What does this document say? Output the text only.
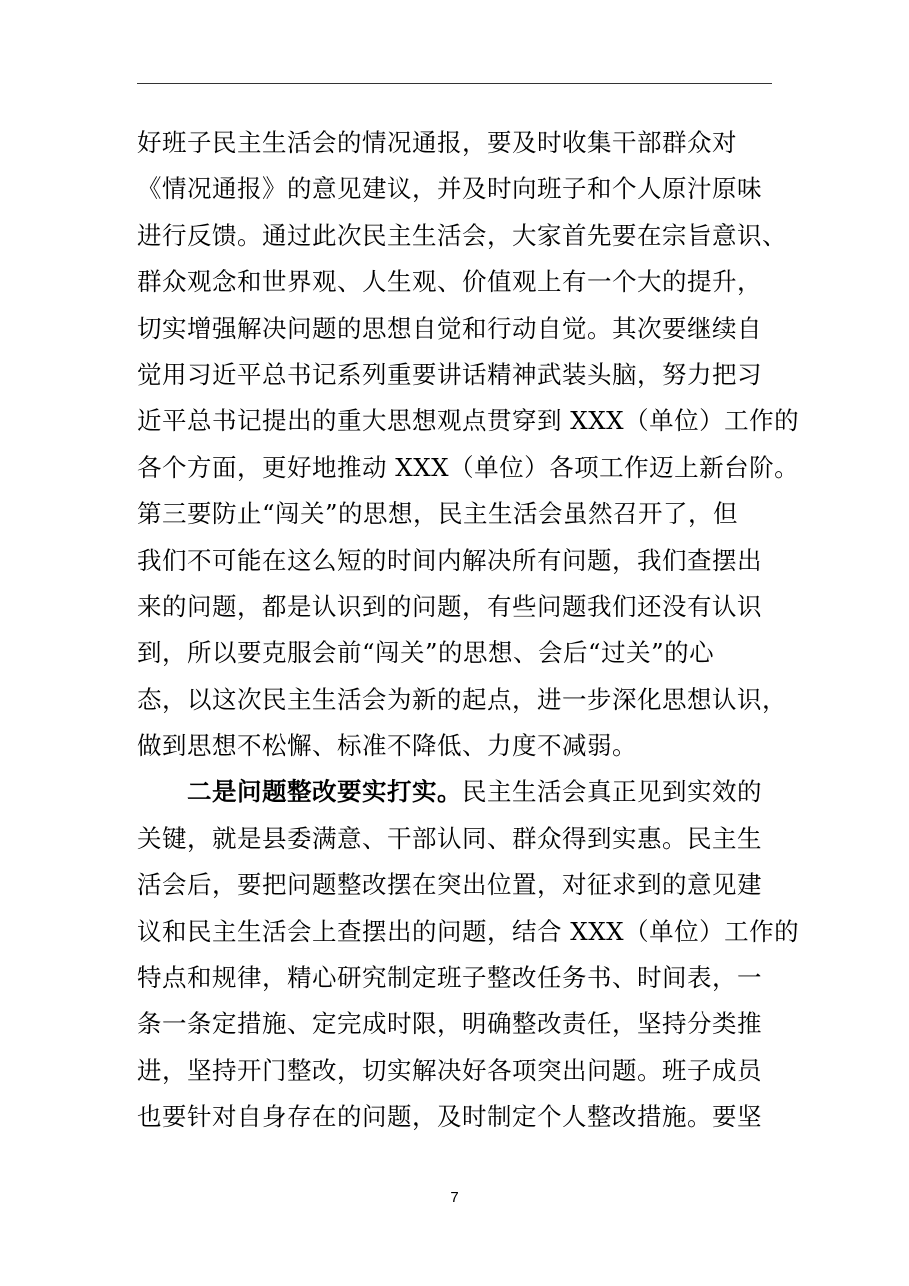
好班子民主生活会的情况通报，要及时收集干部群众对
《情况通报》的意见建议，并及时向班子和个人原汁原味
进行反馈。通过此次民主生活会，大家首先要在宗旨意识、
群众观念和世界观、人生观、价值观上有一个大的提升，
切实增强解决问题的思想自觉和行动自觉。其次要继续自
觉用习近平总书记系列重要讲话精神武装头脑，努力把习
近平总书记提出的重大思想观点贯穿到 XXX（单位）工作的
各个方面，更好地推动 XXX（单位）各项工作迈上新台阶。
第三要防止“闯关”的思想，民主生活会虽然召开了，但
我们不可能在这么短的时间内解决所有问题，我们查摆出
来的问题，都是认识到的问题，有些问题我们还没有认识
到，所以要克服会前“闯关”的思想、会后“过关”的心
态，以这次民主生活会为新的起点，进一步深化思想认识，
做到思想不松懈、标准不降低、力度不减弱。
二是问题整改要实打实。民主生活会真正见到实效的
关键，就是县委满意、干部认同、群众得到实惠。民主生
活会后，要把问题整改摆在突出位置，对征求到的意见建
议和民主生活会上查摆出的问题，结合 XXX（单位）工作的
特点和规律，精心研究制定班子整改任务书、时间表，一
条一条定措施、定完成时限，明确整改责任，坚持分类推
进，坚持开门整改，切实解决好各项突出问题。班子成员
也要针对自身存在的问题，及时制定个人整改措施。要坚
7
